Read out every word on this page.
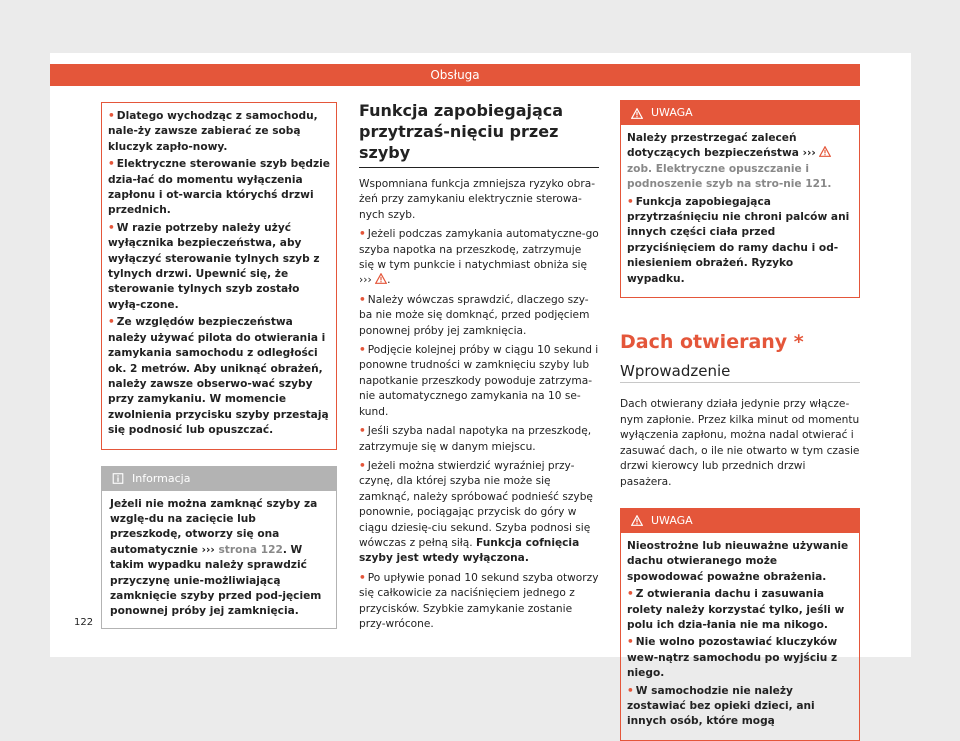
Obsługa

• Dlatego wychodząc z samochodu, nale-żу zawsze zabierać ze sobą kluczyk zapło-nowy.

• Elektryczne sterowanie szyb będzie dzia-łać do momentu wyłączenia zapłonu i ot-warcia którychś drzwi przednich.

• W razie potrzeby należy użyć wyłącznika bezpieczeństwa, aby wyłączyć sterowanie tylnych szyb z tylnych drzwi. Upewnić się, że sterowanie tylnych szyb zostało wyłą-czone.

• Ze względów bezpieczeństwa należy używać pilota do otwierania i zamykania samochodu z odległości ok. 2 metrów. Aby uniknąć obrażeń, należy zawsze obserwo-wać szyby przy zamykaniu. W momencie zwolnienia przycisku szyby przestają się podnosić lub opuszczać.

Informacja
Jeżeli nie można zamknąć szyby za wzglę-du na zacięcie lub przeszkodę, otworzy się ona automatycznie ››› strona 122. W takim wypadku należy sprawdzić przyczynę unie-możliwiającą zamknięcie szyby przed pod-jęciem ponownej próby jej zamknięcia.
Funkcja zapobiegająca przytrzaś-nięciu przez szyby

Wspomniana funkcja zmniejsza ryzyko obra-żeń przy zamykaniu elektrycznie sterowa-nych szyb.

• Jeżeli podczas zamykania automatyczne-go szyba napotka na przeszkodę, zatrzymuje się w tym punkcie i natychmiast obniża się ››› .

• Należy wówczas sprawdzić, dlaczego szy-ba nie może się domknąć, przed podjęciem ponownej próby jej zamknięcia.

• Podjęcie kolejnej próby w ciągu 10 sekund i ponowne trudności w zamknięciu szyby lub napotkanie przeszkody powoduje zatrzyma-nie automatycznego zamykania na 10 se-kund.

• Jeśli szyba nadal napotyka na przeszkodę, zatrzymuje się w danym miejscu.

• Jeżeli można stwierdzić wyraźniej przy-czynę, dla której szyba nie może się zamknąć, należy spróbować podnieść szybę ponownie, pociągając przycisk do góry w ciągu dziesię-ciu sekund. Szyba podnosi się wówczas z pełną siłą. Funkcja cofnięcia szyby jest wtedy wyłączona.

• Po upływie ponad 10 sekund szyba otworzy się całkowicie za naciśnięciem jednego z przycisków. Szybkie zamykanie zostanie przy-wrócone.

UWAGA

Należy przestrzegać zaleceń dotyczących bezpieczeństwa ›››  zob. Elektryczne opuszczanie i podnoszenie szyb na stro-nie 121.

• Funkcja zapobiegająca przytrzaśnięciu nie chroni palców ani innych części ciała przed przyciśnięciem do ramy dachu i od-niesieniem obrażeń. Ryzyko wypadku.

Dach otwierany *
Wprowadzenie

Dach otwierany działa jedynie przy włącze-nym zapłonie. Przez kilka minut od momentu wyłączenia zapłonu, można nadal otwierać i zasuwać dach, o ile nie otwarto w tym czasie drzwi kierowcy lub przednich drzwi pasażera.

UWAGA

Nieostrożne lub nieuważne używanie dachu otwieranego może spowodować poważne obrażenia.

• Z otwierania dachu i zasuwania rolety należy korzystać tylko, jeśli w polu ich dzia-łania nie ma nikogo.

• Nie wolno pozostawiać kluczyków wew-nątrz samochodu po wyjściu z niego.

• W samochodzie nie należy zostawiać bez opieki dzieci, ani innych osób, które mogą

122
